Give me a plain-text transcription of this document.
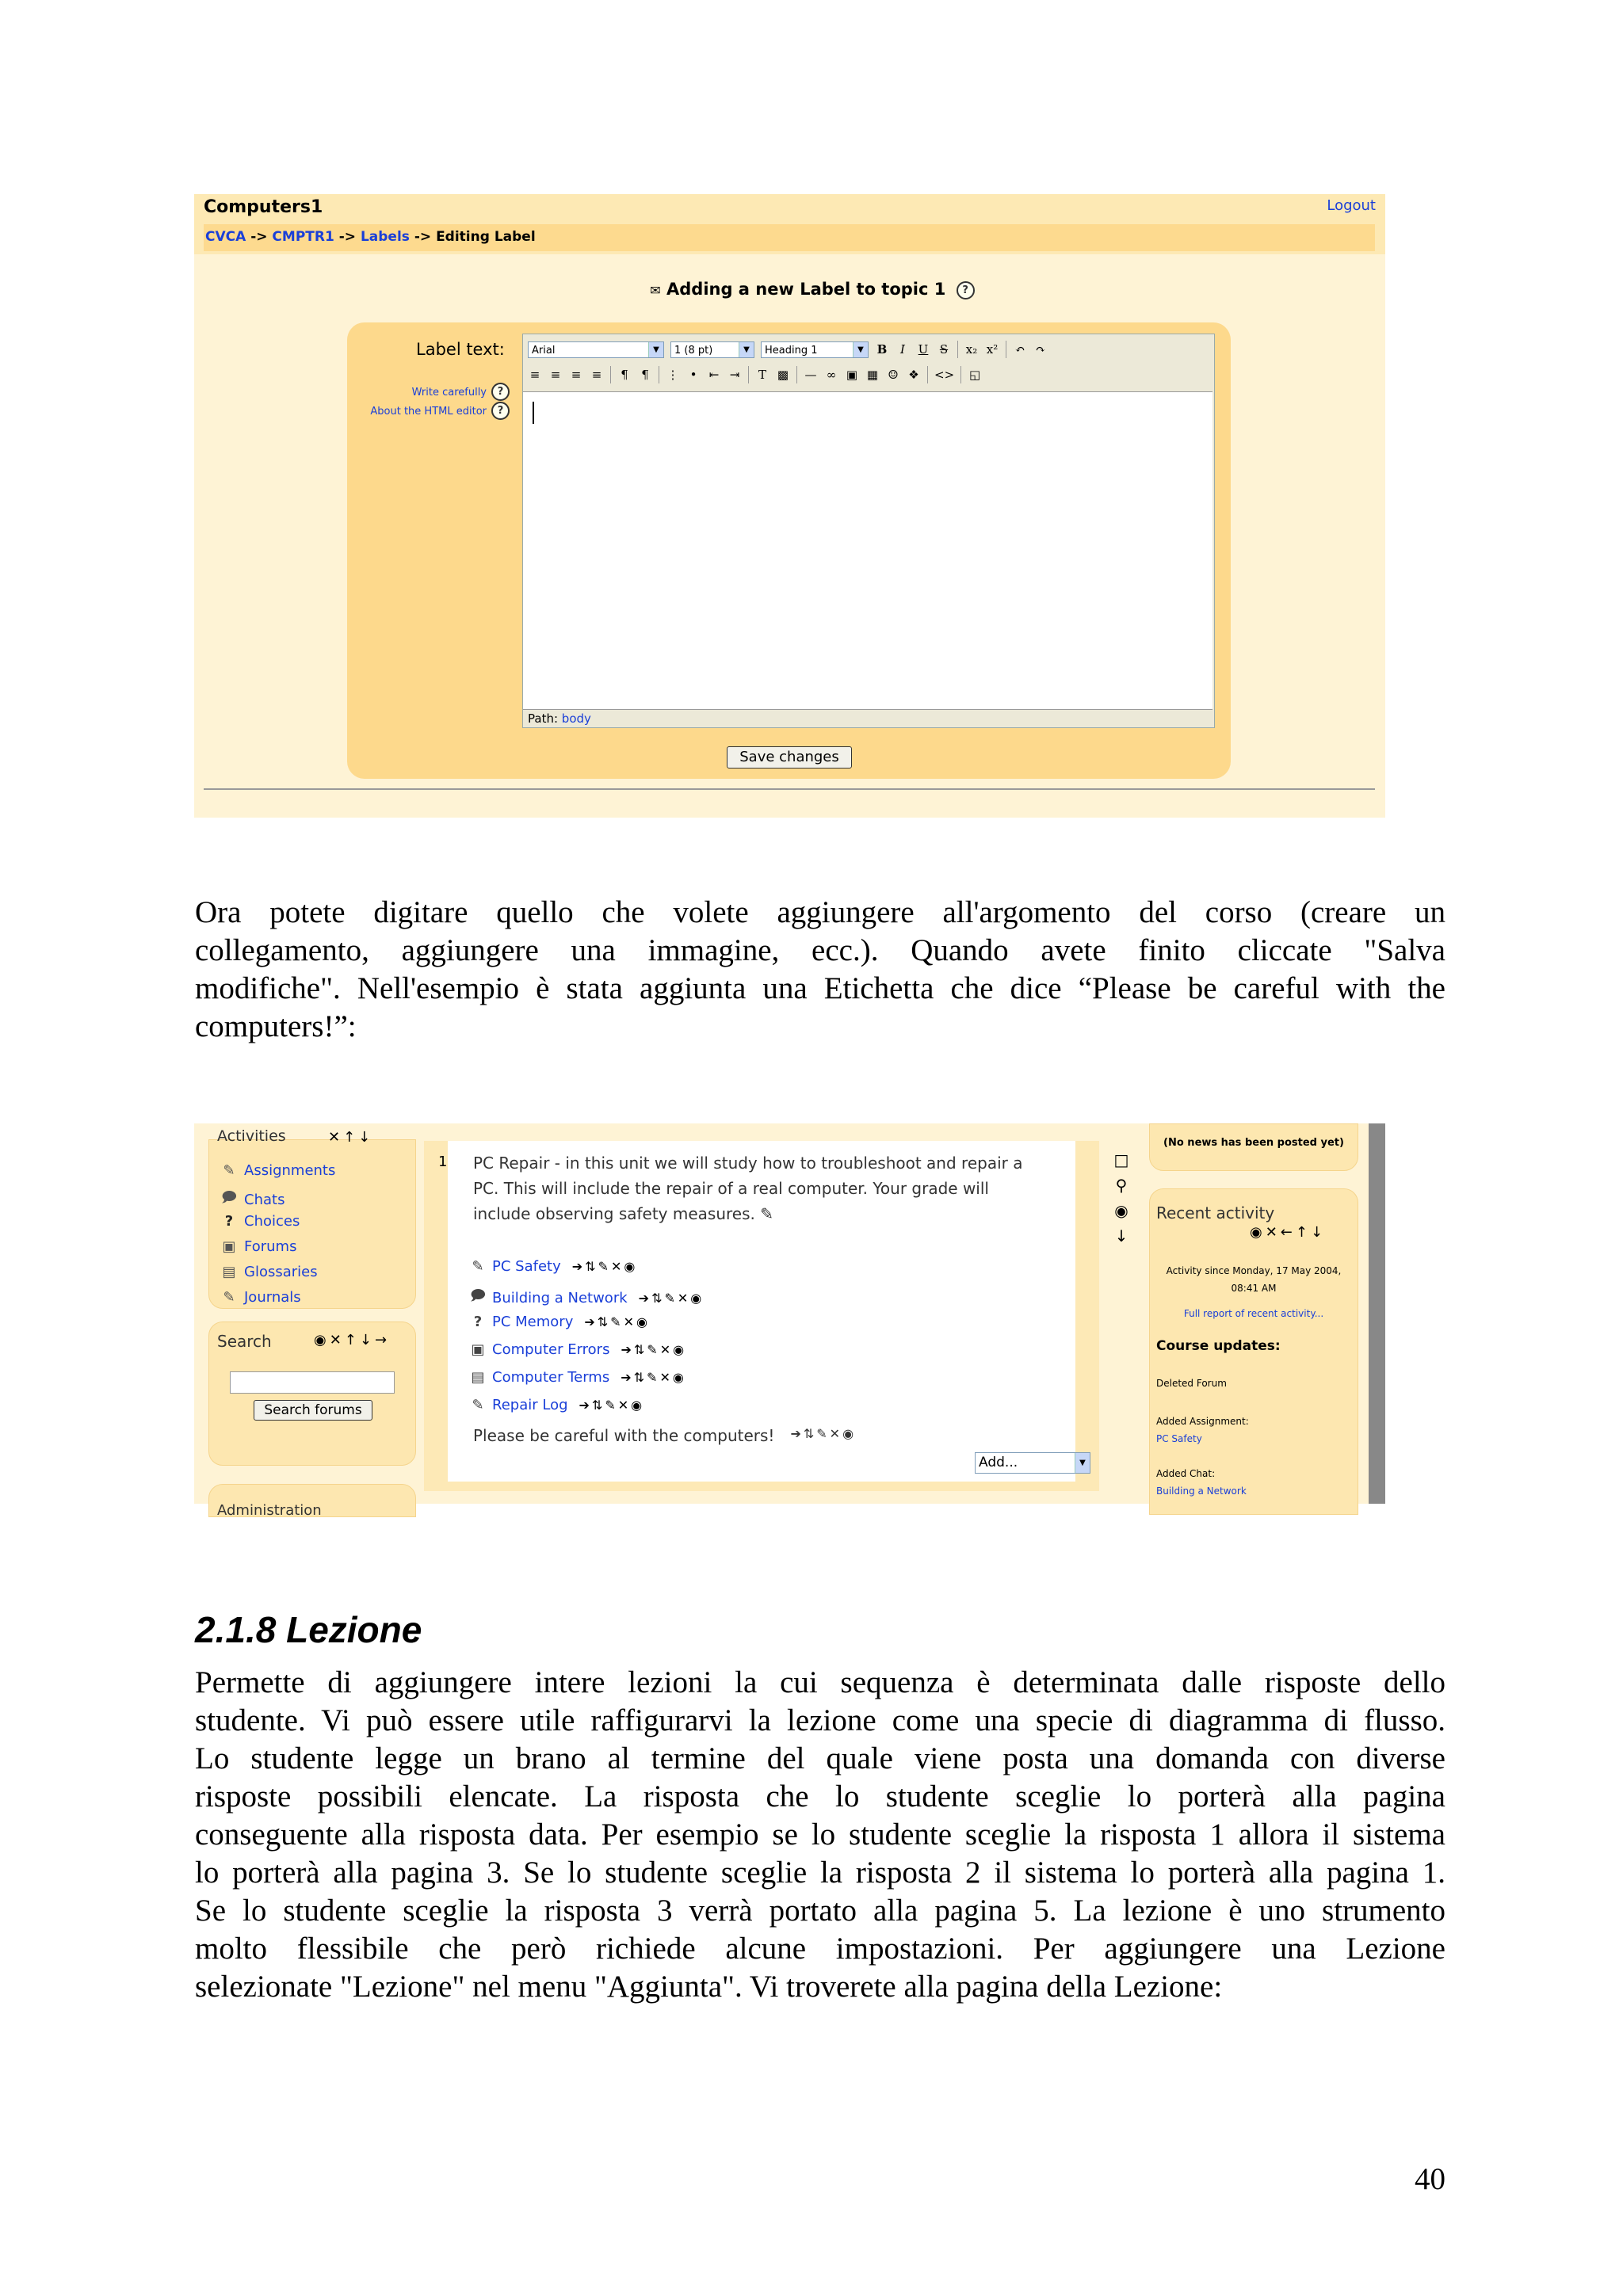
Computers1	Logout
CVCA -> CMPTR1 -> Labels -> Editing Label
✉ Adding a new Label to topic 1 ?
Label text:
Write carefully ?
About the HTML editor ?
Arial	▼	1 (8 pt)	▼	Heading 1	▼	B	I	U S x₂ x² ↶ ↷
≡ ≡ ≡ ≡ ¶ ¶ ⋮ •	⇤ ⇥ T ▩ — ∞ ▣ ▦ ☺ ❖ <> ◱
Path: body
Save changes
Ora potete digitare quello che volete aggiungere all'argomento del corso (creare un
collegamento, aggiungere una immagine, ecc.). Quando avete finito cliccate "Salva
modifiche". Nell'esempio è stata aggiunta una Etichetta che dice “Please be careful with the
computers!”:
Activities	✕↑↓
✎ Assignments
🗩 Chats
? Choices
▣ Forums
▤ Glossaries
✎ Journals
Search	◉✕↑↓→
Search forums
Administration
1 PC Repair - in this unit we will study how to troubleshoot and repair a
PC. This will include the repair of a real computer. Your grade will
include observing safety measures. ✎
✎ PC Safety ➔⇅✎✕◉
🗩 Building a Network ➔⇅✎✕◉
? PC Memory ➔⇅✎✕◉
▣ Computer Errors ➔⇅✎✕◉
▤ Computer Terms ➔⇅✎✕◉
✎ Repair Log ➔⇅✎✕◉
Please be careful with the computers! ➔⇅✎✕◉
Add...	▼
□
⚲
◉
↓
(No news has been posted yet)
Recent activity
◉✕←↑↓
Activity since Monday, 17 May 2004,
08:41 AM
Full report of recent activity...
Course updates:
Deleted Forum
Added Assignment:
PC Safety
Added Chat:
Building a Network
2.1.8 Lezione
Permette di aggiungere intere lezioni la cui sequenza è determinata dalle risposte dello
studente. Vi può essere utile raffigurarvi la lezione come una specie di diagramma di flusso.
Lo studente legge un brano al termine del quale viene posta una domanda con diverse
risposte possibili elencate. La risposta che lo studente sceglie lo porterà alla pagina
conseguente alla risposta data. Per esempio se lo studente sceglie la risposta 1 allora il sistema
lo porterà alla pagina 3. Se lo studente sceglie la risposta 2 il sistema lo porterà alla pagina 1.
Se lo studente sceglie la risposta 3 verrà portato alla pagina 5. La lezione è uno strumento
molto flessibile che però richiede alcune impostazioni. Per aggiungere una Lezione
selezionate "Lezione" nel menu "Aggiunta". Vi troverete alla pagina della Lezione:
40
